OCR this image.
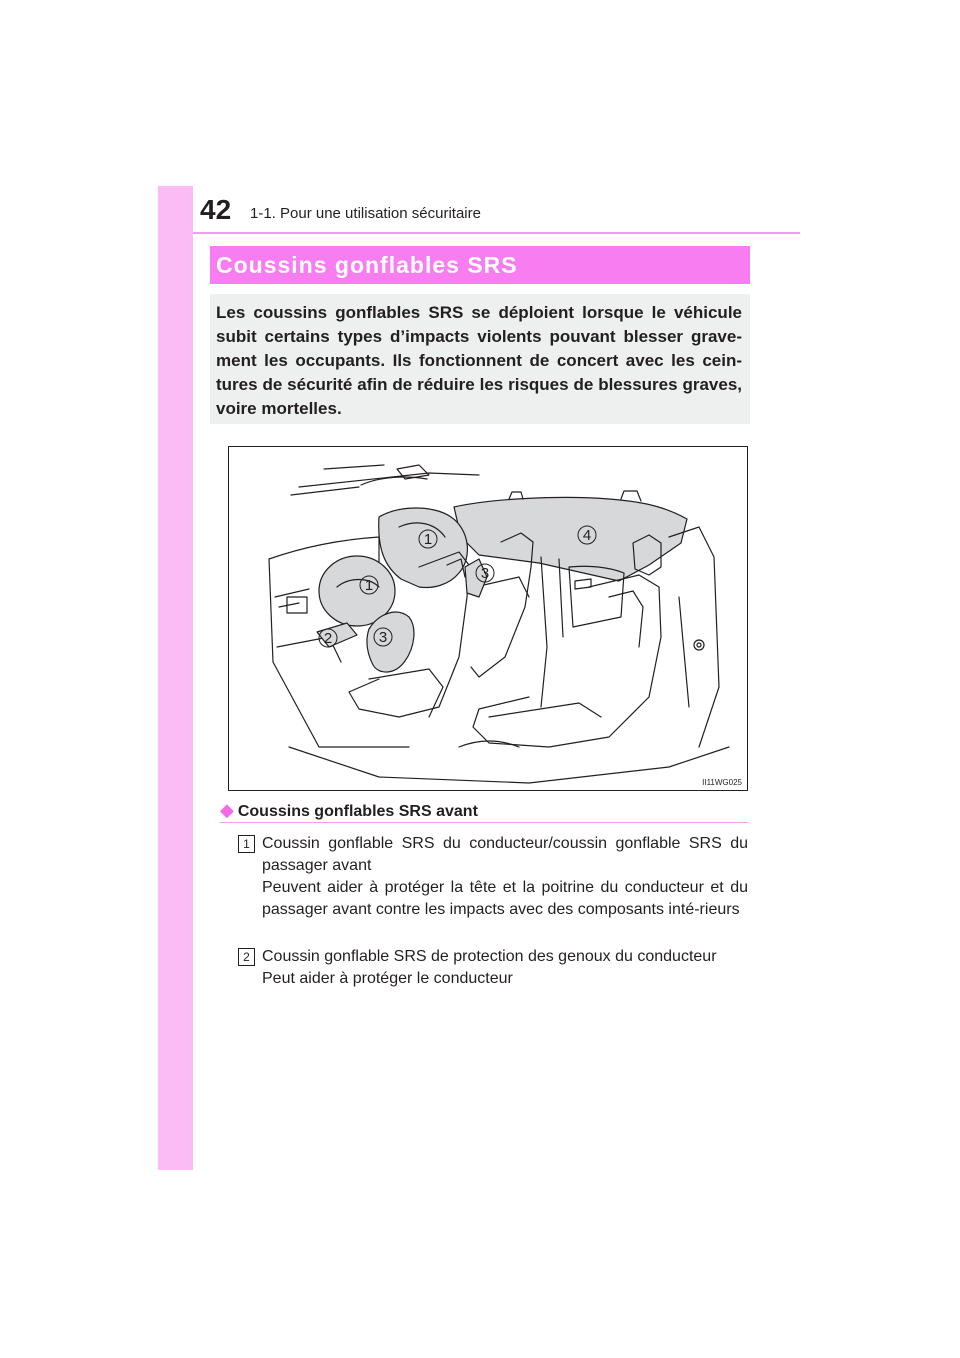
42 1-1. Pour une utilisation sécuritaire
Coussins gonflables SRS
Les coussins gonflables SRS se déploient lorsque le véhicule subit certains types d’impacts violents pouvant blesser grave-ment les occupants. Ils fonctionnent de concert avec les cein-tures de sécurité afin de réduire les risques de blessures graves, voire mortelles.
1
1
2	3
3
4
II11WG025
◆ Coussins gonflables SRS avant
1 Coussin gonflable SRS du conducteur/coussin gonflable SRS du passager avant
Peuvent aider à protéger la tête et la poitrine du conducteur et du passager avant contre les impacts avec des composants inté-rieurs
2 Coussin gonflable SRS de protection des genoux du conducteur
Peut aider à protéger le conducteur
